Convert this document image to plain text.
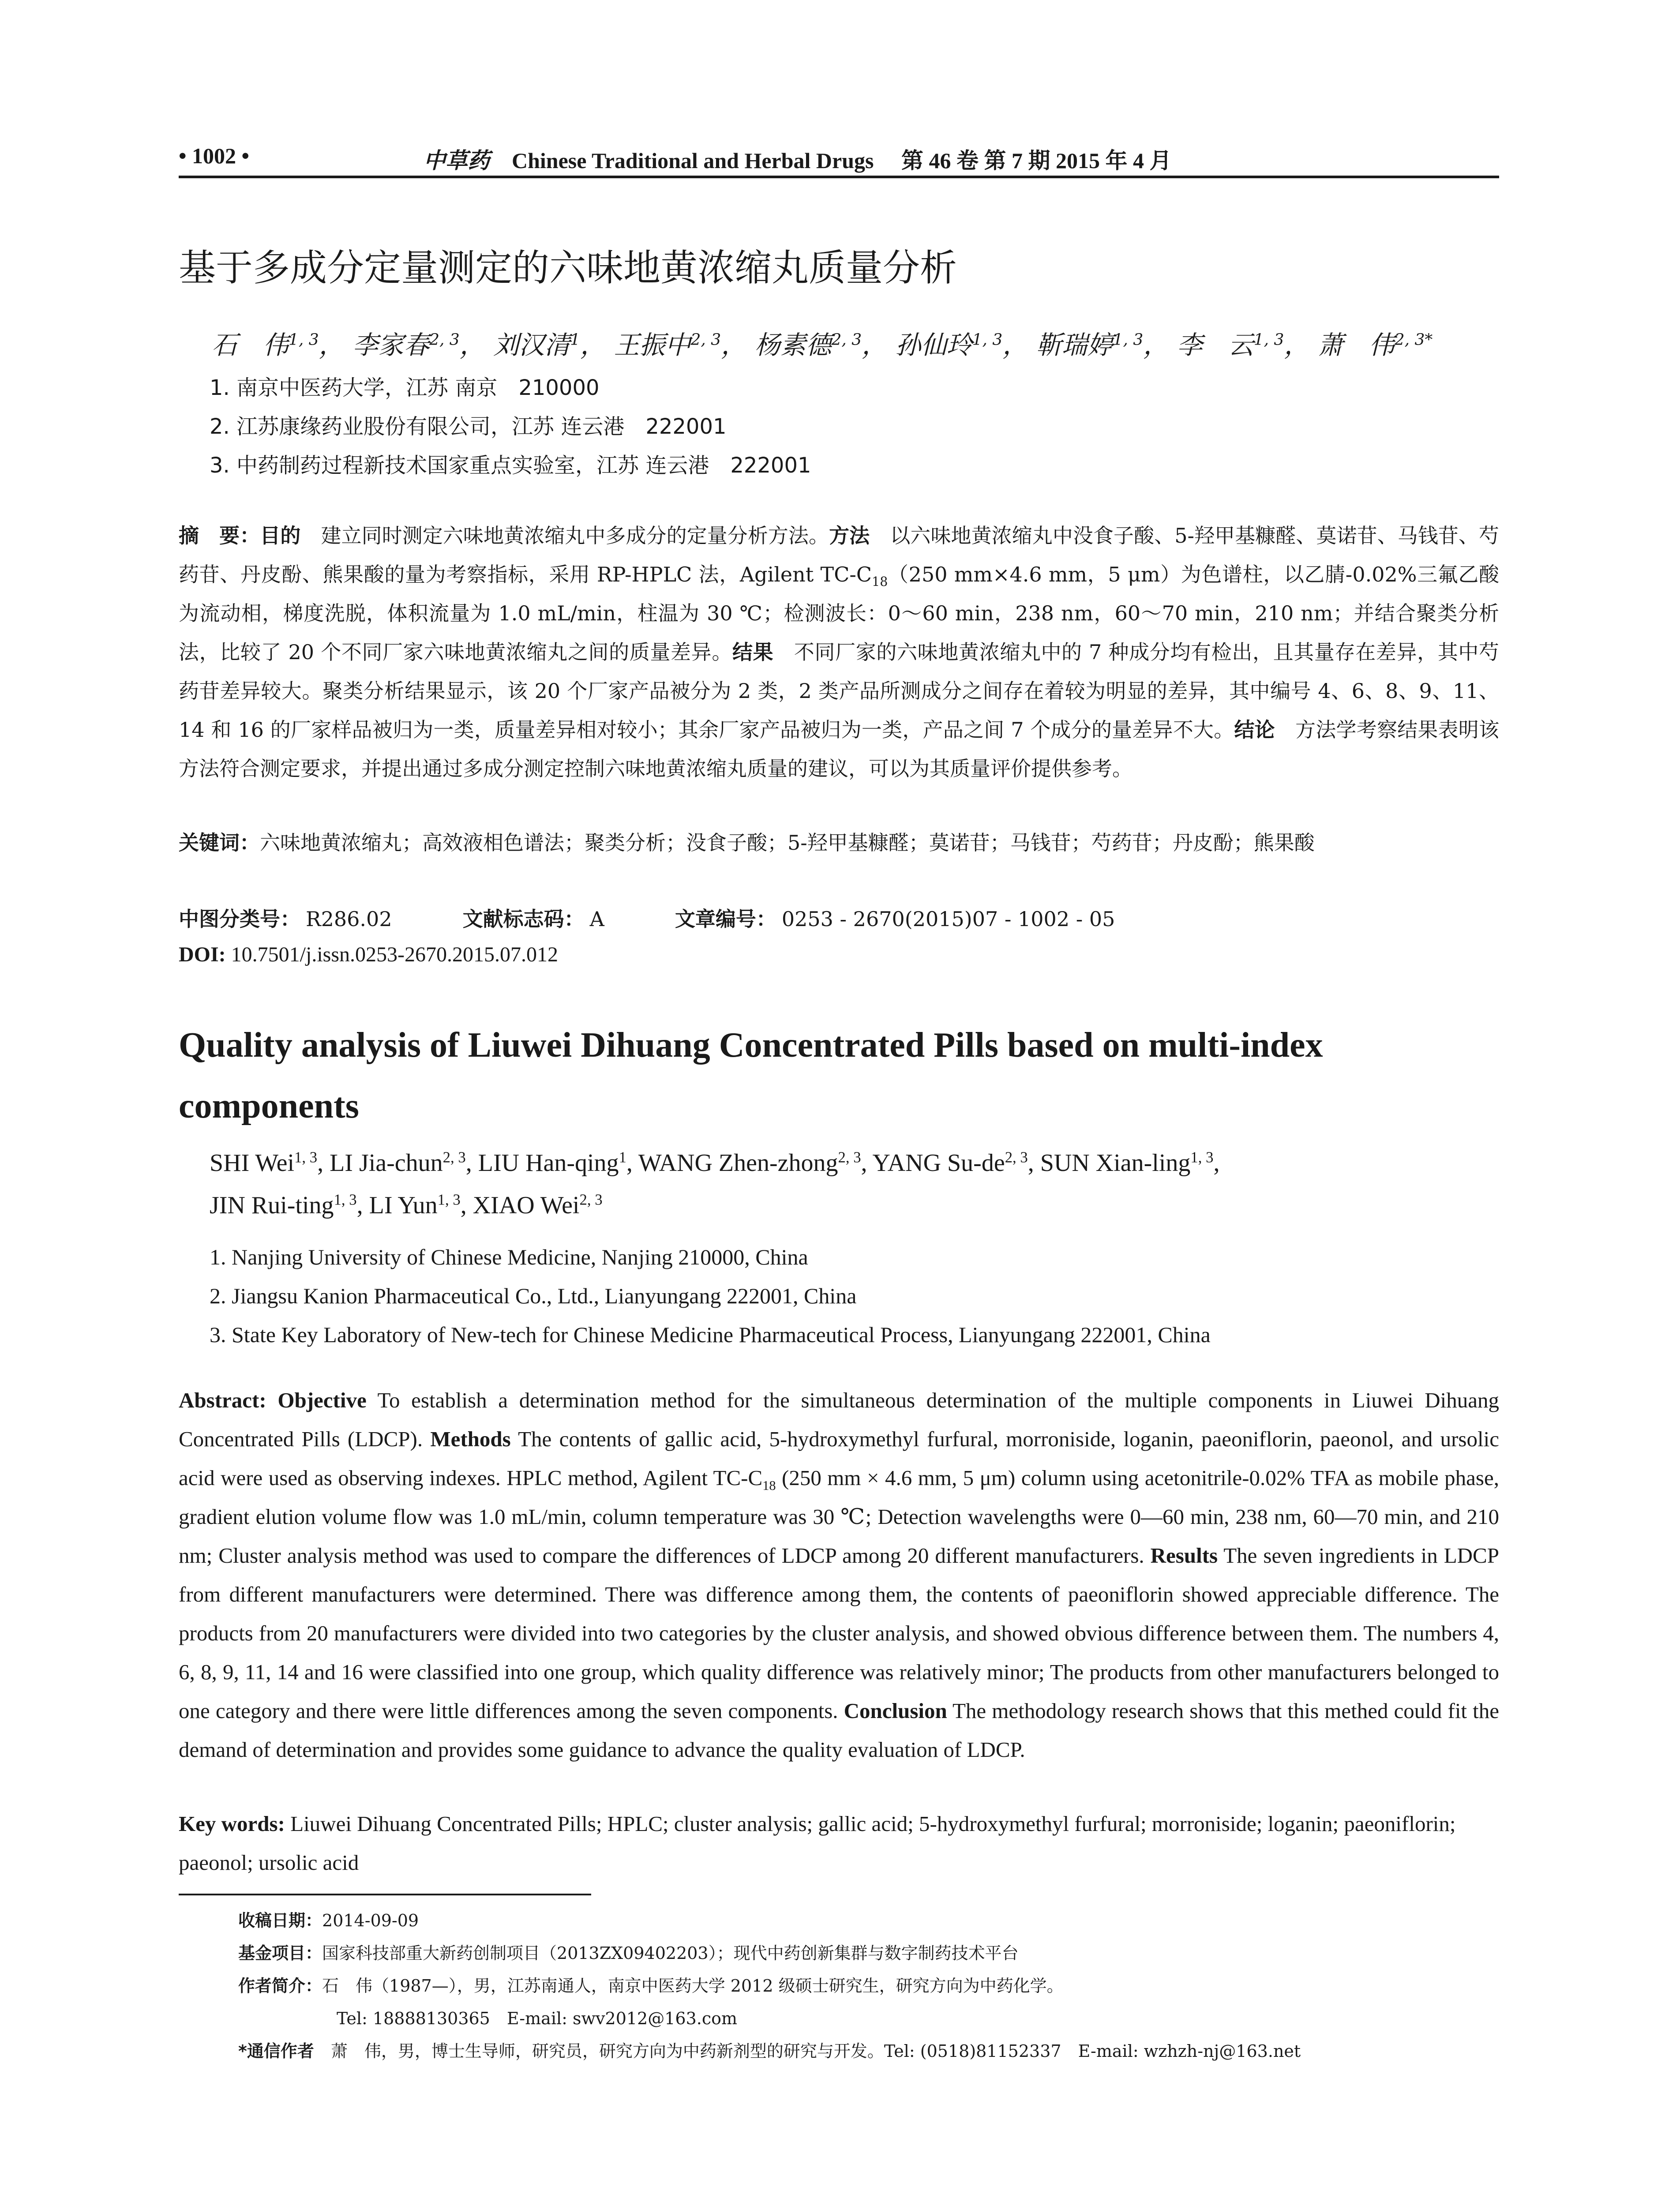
• 1002 •	中草药 Chinese Traditional and Herbal Drugs 第 46 卷 第 7 期 2015 年 4 月
基于多成分定量测定的六味地黄浓缩丸质量分析
石　伟$^{1, 3}$， 李家春$^{2, 3}$， 刘汉清$^1$， 王振中$^{2, 3}$， 杨素德$^{2, 3}$， 孙仙玲$^{1, 3}$， 靳瑞婷$^{1, 3}$， 李　云$^{1, 3}$， 萧　伟$^{2, 3*}$
1. 南京中医药大学，江苏 南京　210000
2. 江苏康缘药业股份有限公司，江苏 连云港　222001
3. 中药制药过程新技术国家重点实验室，江苏 连云港　222001
摘　要：目的　建立同时测定六味地黄浓缩丸中多成分的定量分析方法。方法　以六味地黄浓缩丸中没食子酸、5-羟甲基糠醛、莫诺苷、马钱苷、芍药苷、丹皮酚、熊果酸的量为考察指标，采用 RP-HPLC 法，Agilent $TC-C_{18}(250$ mm×4.6 mm，5 μm）为色谱柱，以乙腈-0.02%三氟乙酸为流动相，梯度洗脱，体积流量为 1.0 mL/min，柱温为 30 ℃；检测波长：0～60 min，238 nm，60～70 min，210 nm；并结合聚类分析法，比较了 20 个不同厂家六味地黄浓缩丸之间的质量差异。结果　不同厂家的六味地黄浓缩丸中的 7 种成分均有检出，且其量存在差异，其中芍药苷差异较大。聚类分析结果显示，该 20 个厂家产品被分为 2 类，2 类产品所测成分之间存在着较为明显的差异，其中编号 4、6、8、9、11、14 和 16 的厂家样品被归为一类，质量差异相对较小；其余厂家产品被归为一类，产品之间 7 个成分的量差异不大。结论　方法学考察结果表明该方法符合测定要求，并提出通过多成分测定控制六味地黄浓缩丸质量的建议，可以为其质量评价提供参考。
关键词：六味地黄浓缩丸；高效液相色谱法；聚类分析；没食子酸；5-羟甲基糠醛；莫诺苷；马钱苷；芍药苷；丹皮酚；熊果酸
中图分类号： R286.02	文献标志码： A	文章编号： 0253 - 2670(2015)07 - 1002 - 05
DOI: 10.7501/j.issn.0253-2670.2015.07.012
Quality analysis of Liuwei Dihuang Concentrated Pills based on multi-index components
SHI Wei$^{1, 3}$, LI Jia-chun$^{2, 3}$, LIU Han-qing$^1$, WANG Zhen-zhong$^{2, 3}$, YANG Su-de$^{2, 3}$, SUN Xian-ling$^{1, 3}$,
JIN Rui-ting$^{1, 3}$, LI Yun$^{1, 3}$, XIAO Wei$^{2, 3}$
1. Nanjing University of Chinese Medicine, Nanjing 210000, China
2. Jiangsu Kanion Pharmaceutical Co., Ltd., Lianyungang 222001, China
3. State Key Laboratory of New-tech for Chinese Medicine Pharmaceutical Process, Lianyungang 222001, China
Abstract: Objective To establish a determination method for the simultaneous determination of the multiple components in Liuwei Dihuang Concentrated Pills (LDCP). Methods The contents of gallic acid, 5-hydroxymethyl furfural, morroniside, loganin, paeoniflorin, paeonol, and ursolic acid were used as observing indexes. HPLC method, Agilent $TC-C_{18}$ (250 mm × 4.6 mm, 5 μm) column using acetonitrile-0.02% TFA as mobile phase, gradient elution volume flow was 1.0 mL/min, column temperature was 30 ℃; Detection wavelengths were 0—60 min, 238 nm, 60—70 min, and 210 nm; Cluster analysis method was used to compare the differences of LDCP among 20 different manufacturers. Results The seven ingredients in LDCP from different manufacturers were determined. There was difference among them, the contents of paeoniflorin showed appreciable difference. The products from 20 manufacturers were divided into two categories by the cluster analysis, and showed obvious difference between them. The numbers 4, 6, 8, 9, 11, 14 and 16 were classified into one group, which quality difference was relatively minor; The products from other manufacturers belonged to one category and there were little differences among the seven components. Conclusion The methodology research shows that this methed could fit the demand of determination and provides some guidance to advance the quality evaluation of LDCP.
Key words: Liuwei Dihuang Concentrated Pills; HPLC; cluster analysis; gallic acid; 5-hydroxymethyl furfural; morroniside; loganin; paeoniflorin; paeonol; ursolic acid
收稿日期：2014-09-09
基金项目：国家科技部重大新药创制项目（2013ZX09402203）；现代中药创新集群与数字制药技术平台
作者简介：石　伟（1987—），男，江苏南通人，南京中医药大学 2012 级硕士研究生，研究方向为中药化学。
Tel: 18888130365　E-mail: swv2012@163.com
*通信作者　萧　伟，男，博士生导师，研究员，研究方向为中药新剂型的研究与开发。Tel: (0518)81152337　E-mail: wzhzh-nj@163.net
